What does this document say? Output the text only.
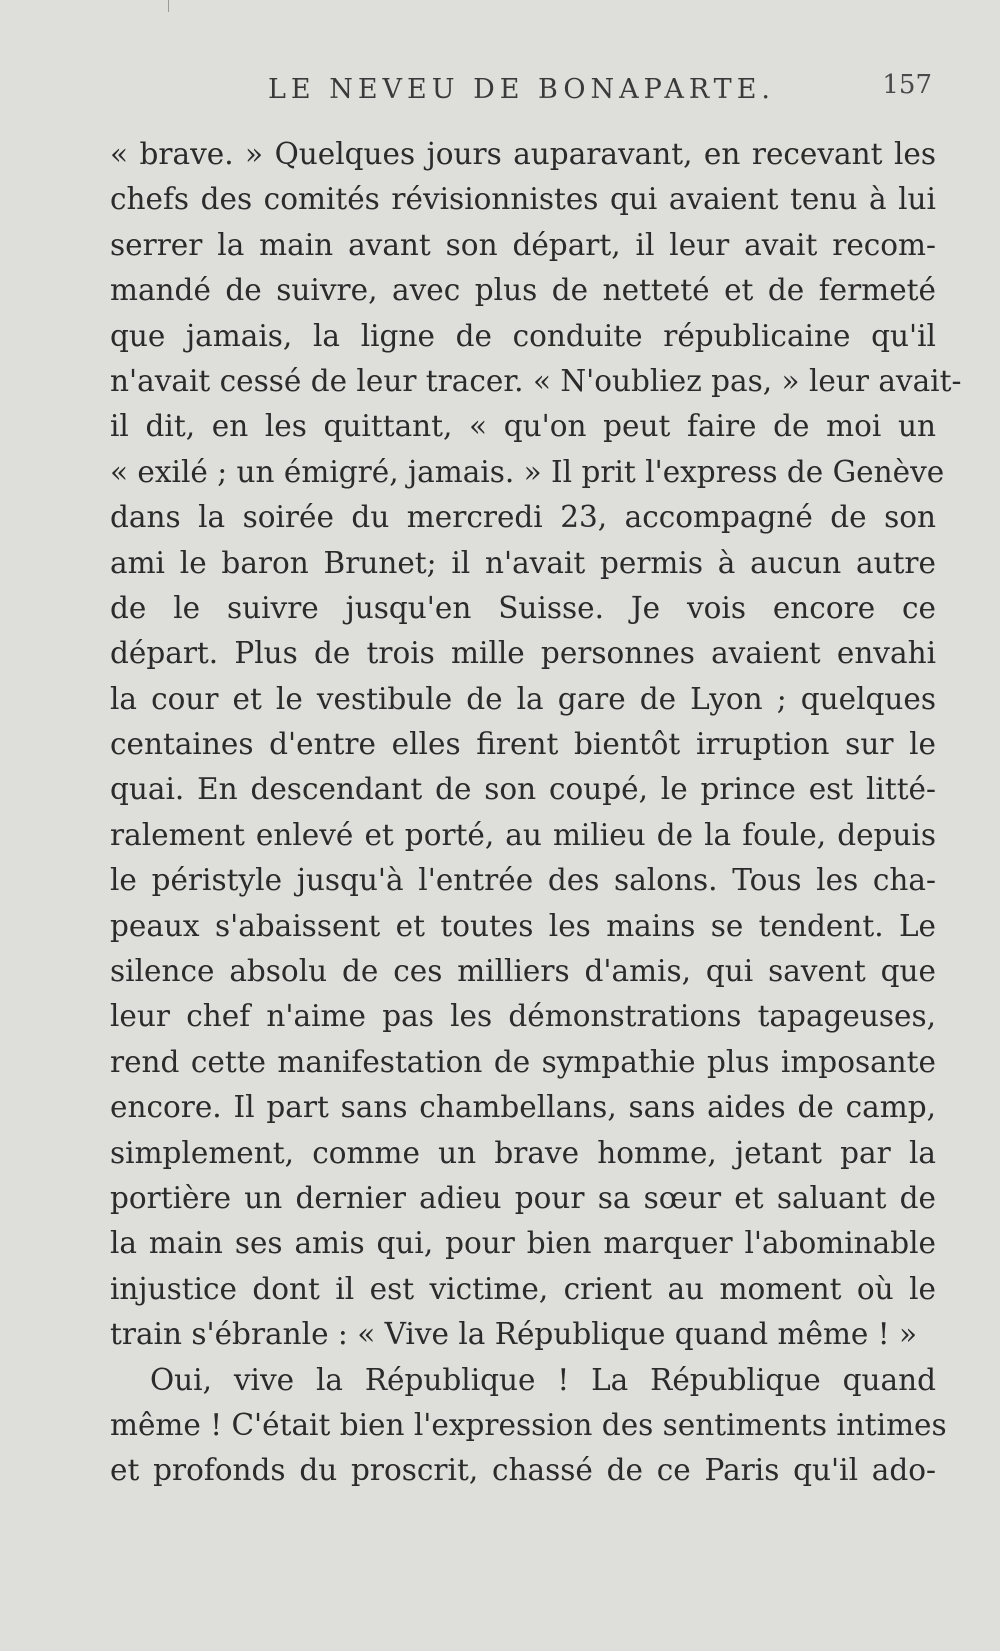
LE NEVEU DE BONAPARTE.	157
« brave. » Quelques jours auparavant, en recevant les
chefs des comités révisionnistes qui avaient tenu à lui
serrer la main avant son départ, il leur avait recom-
mandé de suivre, avec plus de netteté et de fermeté
que jamais, la ligne de conduite républicaine qu'il
n'avait cessé de leur tracer. « N'oubliez pas, » leur avait-
il dit, en les quittant, « qu'on peut faire de moi un
« exilé ; un émigré, jamais. » Il prit l'express de Genève
dans la soirée du mercredi 23, accompagné de son
ami le baron Brunet; il n'avait permis à aucun autre
de le suivre jusqu'en Suisse. Je vois encore ce
départ. Plus de trois mille personnes avaient envahi
la cour et le vestibule de la gare de Lyon ; quelques
centaines d'entre elles firent bientôt irruption sur le
quai. En descendant de son coupé, le prince est litté-
ralement enlevé et porté, au milieu de la foule, depuis
le péristyle jusqu'à l'entrée des salons. Tous les cha-
peaux s'abaissent et toutes les mains se tendent. Le
silence absolu de ces milliers d'amis, qui savent que
leur chef n'aime pas les démonstrations tapageuses,
rend cette manifestation de sympathie plus imposante
encore. Il part sans chambellans, sans aides de camp,
simplement, comme un brave homme, jetant par la
portière un dernier adieu pour sa sœur et saluant de
la main ses amis qui, pour bien marquer l'abominable
injustice dont il est victime, crient au moment où le
train s'ébranle : « Vive la République quand même ! »
Oui, vive la République ! La République quand
même ! C'était bien l'expression des sentiments intimes
et profonds du proscrit, chassé de ce Paris qu'il ado-
